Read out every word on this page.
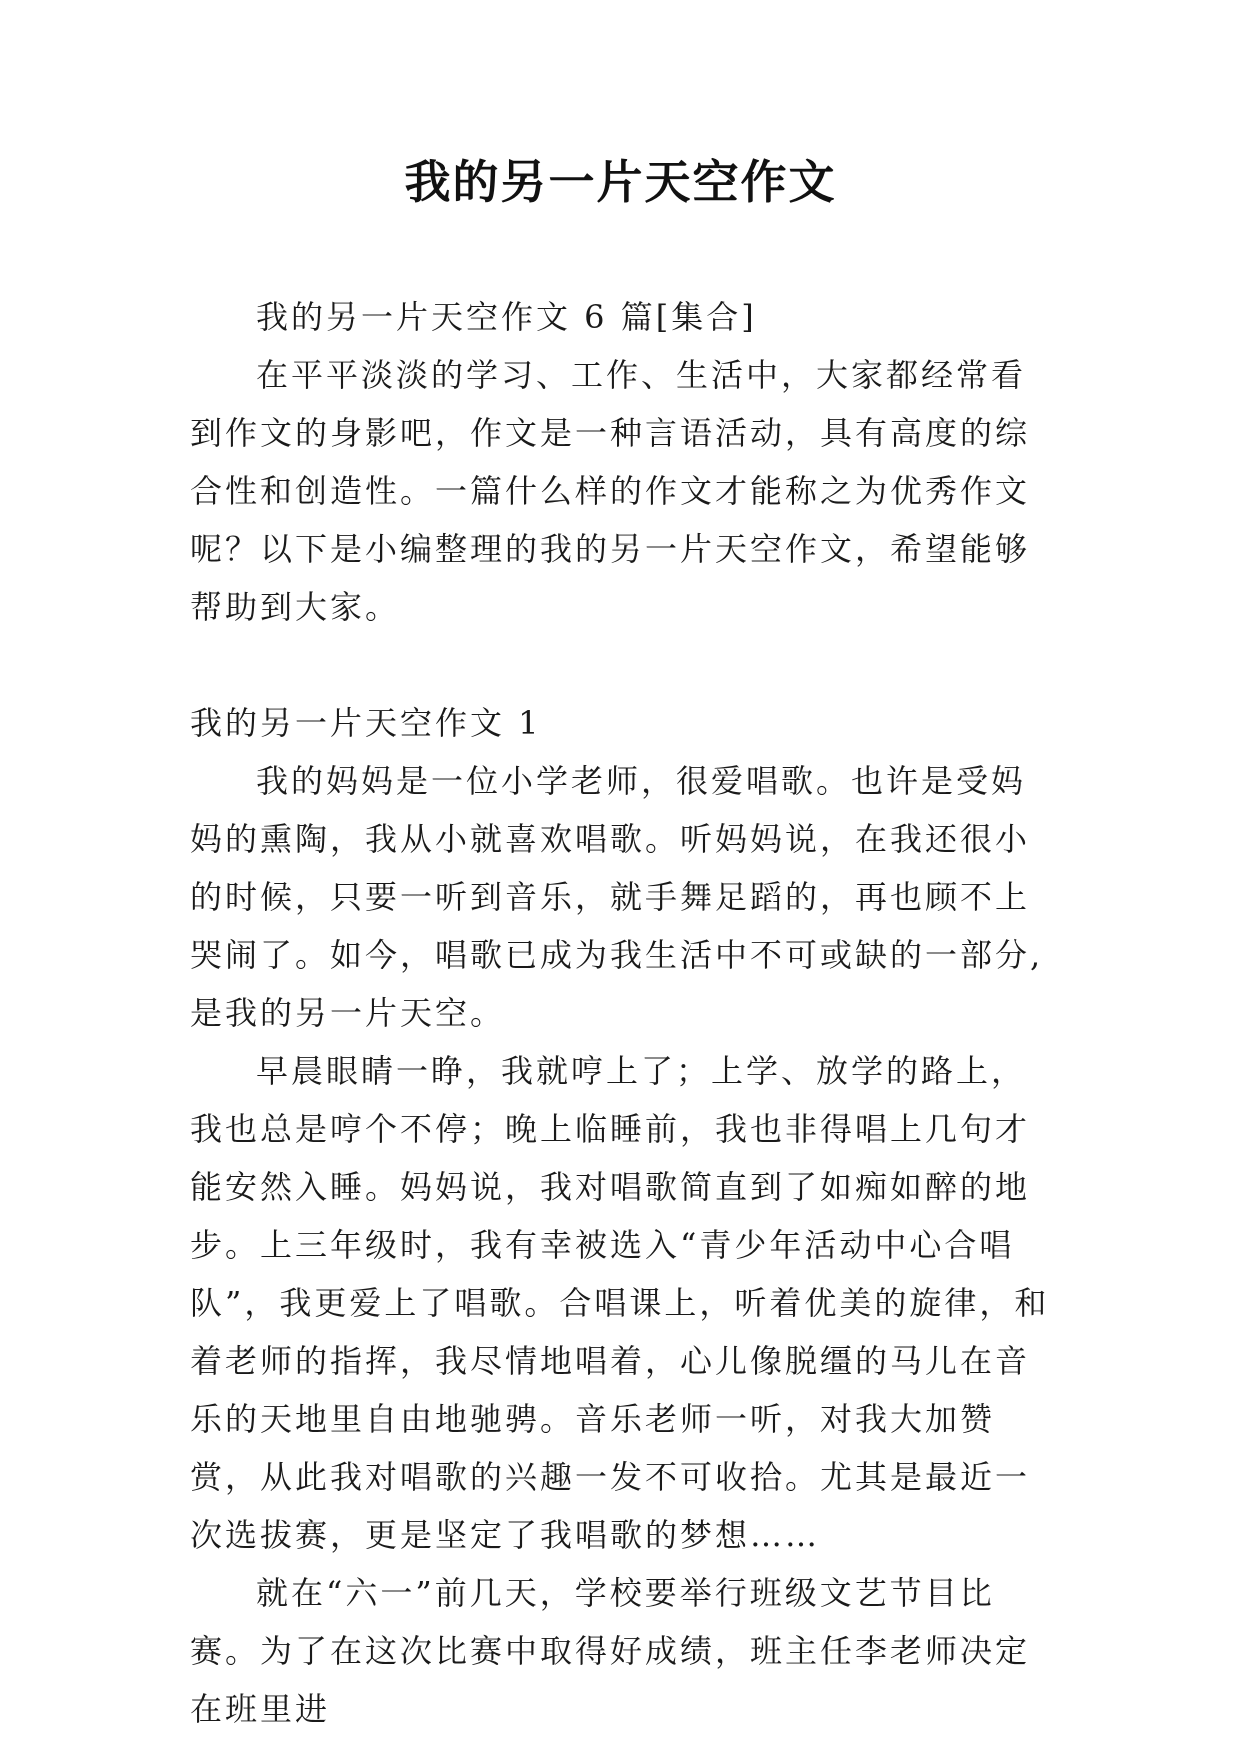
我的另一片天空作文

我的另一片天空作文 6 篇[集合]

在平平淡淡的学习、工作、生活中，大家都经常看到作文的身影吧，作文是一种言语活动，具有高度的综合性和创造性。一篇什么样的作文才能称之为优秀作文呢？以下是小编整理的我的另一片天空作文，希望能够帮助到大家。

我的另一片天空作文 1

我的妈妈是一位小学老师，很爱唱歌。也许是受妈妈的熏陶，我从小就喜欢唱歌。听妈妈说，在我还很小的时候，只要一听到音乐，就手舞足蹈的，再也顾不上哭闹了。如今，唱歌已成为我生活中不可或缺的一部分,是我的另一片天空。

早晨眼睛一睁，我就哼上了；上学、放学的路上，我也总是哼个不停；晚上临睡前，我也非得唱上几句才能安然入睡。妈妈说，我对唱歌简直到了如痴如醉的地步。上三年级时，我有幸被选入“青少年活动中心合唱队”，我更爱上了唱歌。合唱课上，听着优美的旋律，和着老师的指挥，我尽情地唱着，心儿像脱缰的马儿在音乐的天地里自由地驰骋。音乐老师一听，对我大加赞赏，从此我对唱歌的兴趣一发不可收拾。尤其是最近一次选拔赛，更是坚定了我唱歌的梦想……

就在“六一”前几天，学校要举行班级文艺节目比赛。为了在这次比赛中取得好成绩，班主任李老师决定在班里进
